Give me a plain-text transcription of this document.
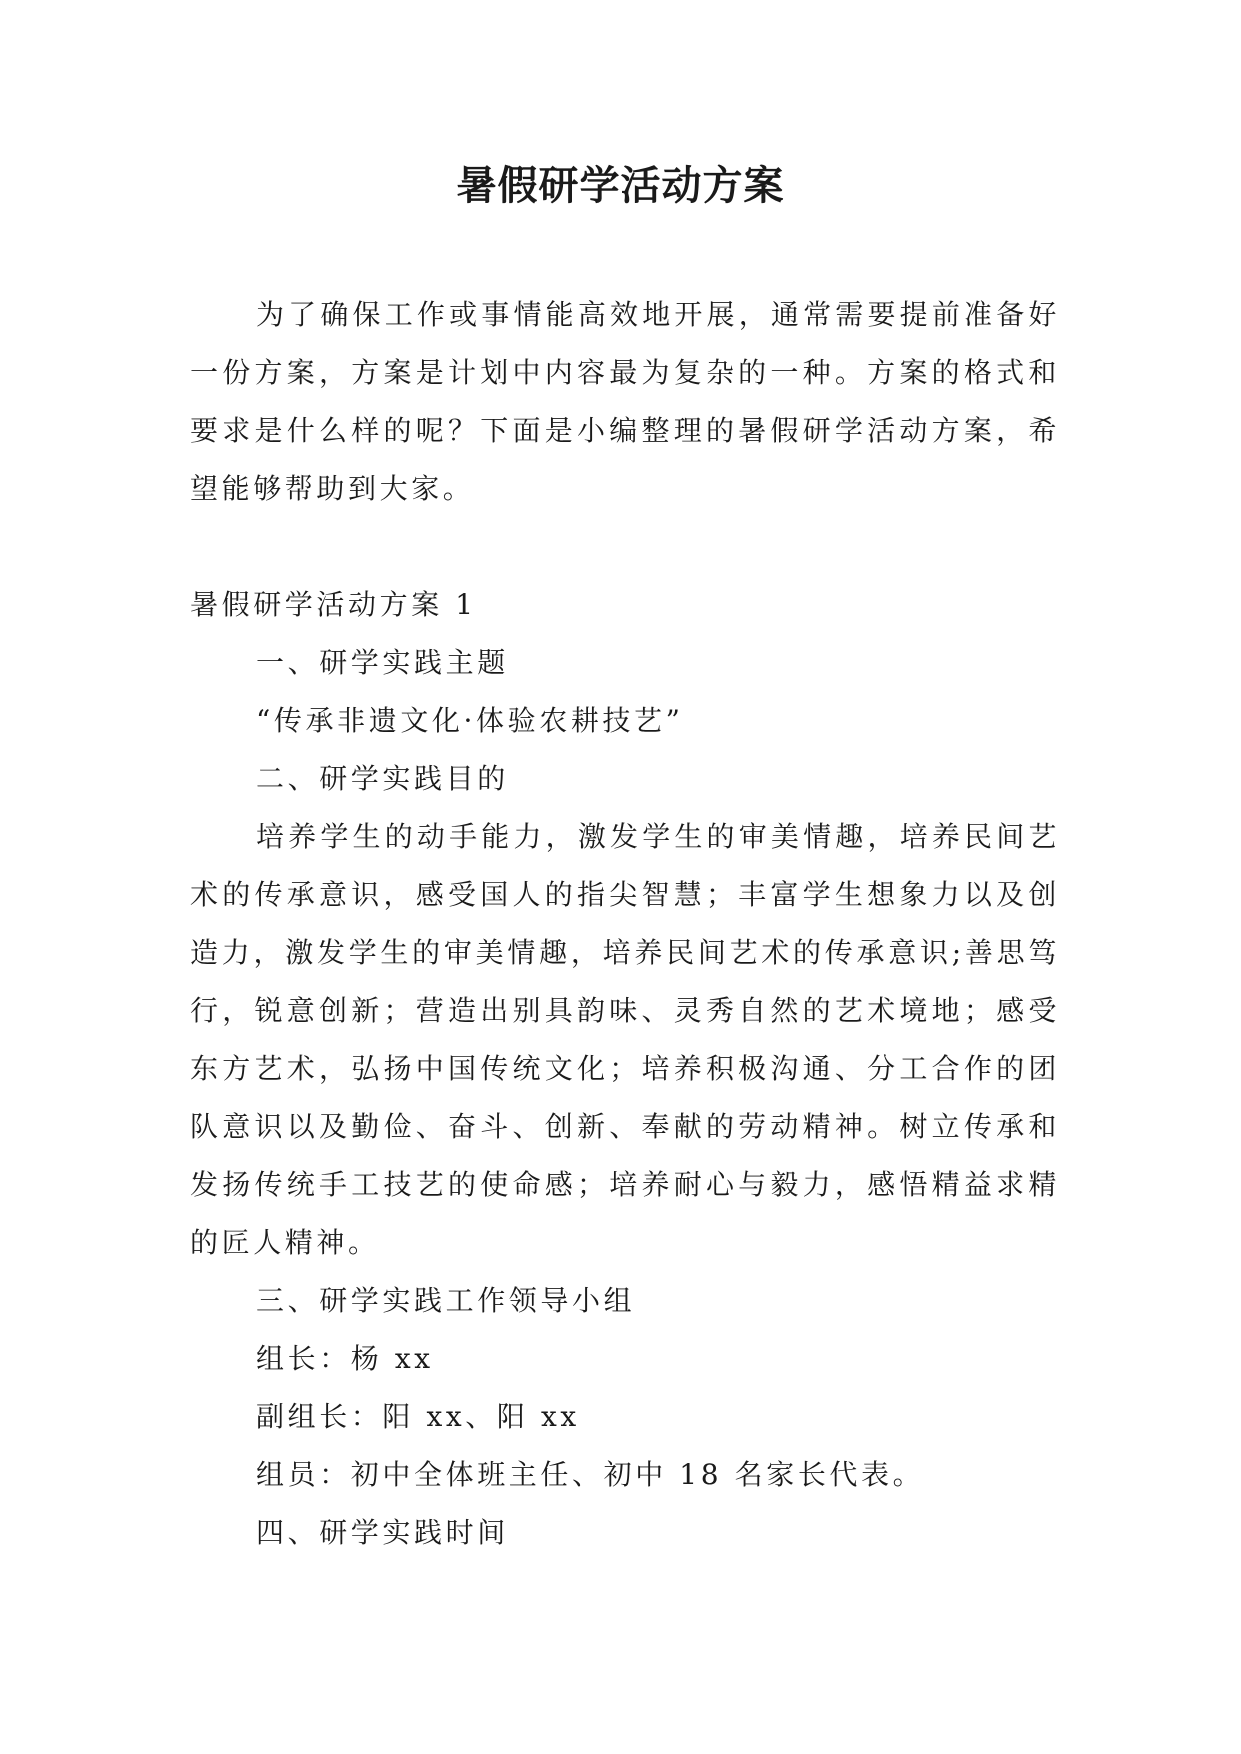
暑假研学活动方案

为了确保工作或事情能高效地开展，通常需要提前准备好一份方案，方案是计划中内容最为复杂的一种。方案的格式和要求是什么样的呢？下面是小编整理的暑假研学活动方案，希望能够帮助到大家。

暑假研学活动方案 1

一、研学实践主题

“传承非遗文化·体验农耕技艺”

二、研学实践目的

培养学生的动手能力，激发学生的审美情趣，培养民间艺术的传承意识，感受国人的指尖智慧；丰富学生想象力以及创造力，激发学生的审美情趣，培养民间艺术的传承意识;善思笃行，锐意创新；营造出别具韵味、灵秀自然的艺术境地；感受东方艺术，弘扬中国传统文化；培养积极沟通、分工合作的团队意识以及勤俭、奋斗、创新、奉献的劳动精神。树立传承和发扬传统手工技艺的使命感；培养耐心与毅力，感悟精益求精的匠人精神。

三、研学实践工作领导小组

组长：杨 xx

副组长：阳 xx、阳 xx

组员：初中全体班主任、初中 18 名家长代表。

四、研学实践时间
